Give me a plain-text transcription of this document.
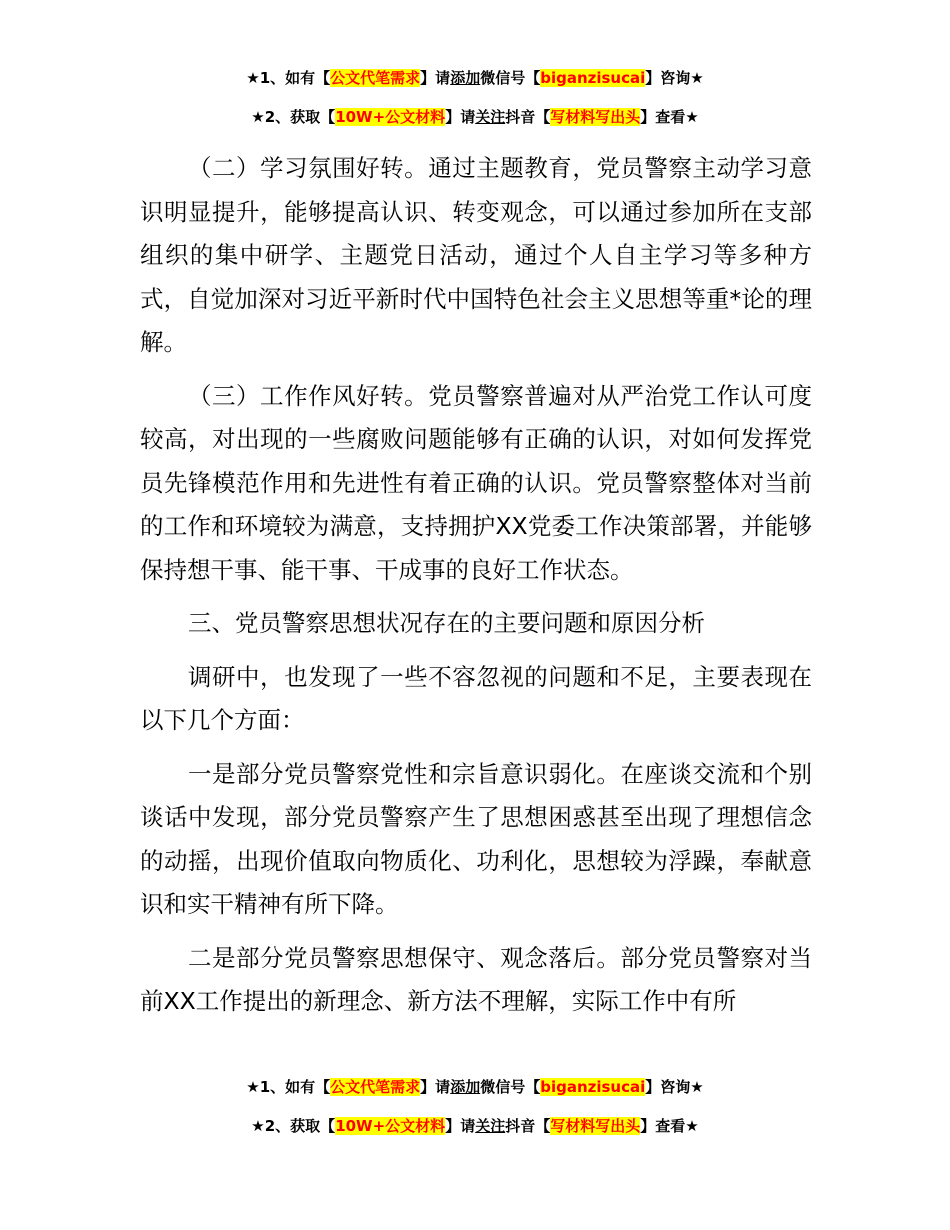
★1、如有【公文代笔需求】请添加微信号【biganzisucai】咨询★
★2、获取【10W+公文材料】请关注抖音【写材料写出头】查看★

（二）学习氛围好转。通过主题教育，党员警察主动学习意识明显提升，能够提高认识、转变观念，可以通过参加所在支部组织的集中研学、主题党日活动，通过个人自主学习等多种方式，自觉加深对习近平新时代中国特色社会主义思想等重*论的理解。

（三）工作作风好转。党员警察普遍对从严治党工作认可度较高，对出现的一些腐败问题能够有正确的认识，对如何发挥党员先锋模范作用和先进性有着正确的认识。党员警察整体对当前的工作和环境较为满意，支持拥护XX党委工作决策部署，并能够保持想干事、能干事、干成事的良好工作状态。

三、党员警察思想状况存在的主要问题和原因分析

调研中，也发现了一些不容忽视的问题和不足，主要表现在以下几个方面：

一是部分党员警察党性和宗旨意识弱化。在座谈交流和个别谈话中发现，部分党员警察产生了思想困惑甚至出现了理想信念的动摇，出现价值取向物质化、功利化，思想较为浮躁，奉献意识和实干精神有所下降。

二是部分党员警察思想保守、观念落后。部分党员警察对当前XX工作提出的新理念、新方法不理解，实际工作中有所

★1、如有【公文代笔需求】请添加微信号【biganzisucai】咨询★
★2、获取【10W+公文材料】请关注抖音【写材料写出头】查看★
